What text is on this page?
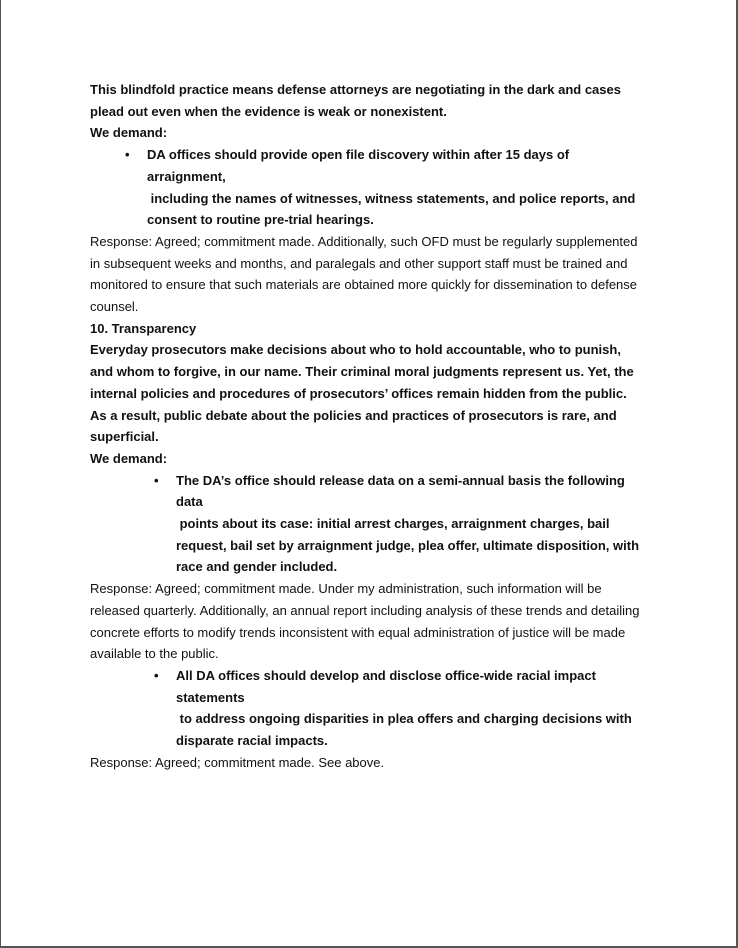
This blindfold practice means defense attorneys are negotiating in the dark and cases
plead out even when the evidence is weak or nonexistent.

We demand:

• DA offices should provide open file discovery within after 15 days of
arraignment,
including the names of witnesses, witness statements, and police reports, and
consent to routine pre-trial hearings.

Response: Agreed; commitment made. Additionally, such OFD must be regularly supplemented
in subsequent weeks and months, and paralegals and other support staff must be trained and
monitored to ensure that such materials are obtained more quickly for dissemination to defense
counsel.

10. Transparency

Everyday prosecutors make decisions about who to hold accountable, who to punish,
and whom to forgive, in our name. Their criminal moral judgments represent us. Yet, the
internal policies and procedures of prosecutors’ offices remain hidden from the public.
As a result, public debate about the policies and practices of prosecutors is rare, and
superficial.

We demand:

• The DA’s office should release data on a semi-annual basis the following
data
points about its case: initial arrest charges, arraignment charges, bail
request, bail set by arraignment judge, plea offer, ultimate disposition, with
race and gender included.

Response: Agreed; commitment made. Under my administration, such information will be
released quarterly. Additionally, an annual report including analysis of these trends and detailing
concrete efforts to modify trends inconsistent with equal administration of justice will be made
available to the public.

• All DA offices should develop and disclose office-wide racial impact
statements
to address ongoing disparities in plea offers and charging decisions with
disparate racial impacts.

Response: Agreed; commitment made. See above.
